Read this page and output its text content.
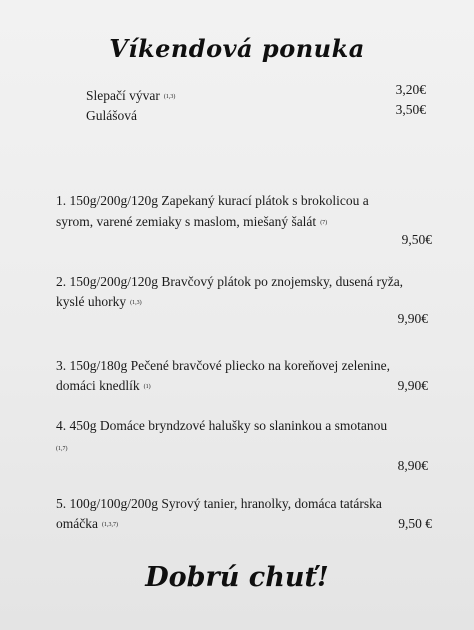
Víkendová ponuka
Slepačí vývar (1,3)	3,20€
Gulášová	3,50€
1. 150g/200g/120g Zapekaný kurací plátok s brokolicou a
syrom, varené zemiaky s maslom, miešaný šalát (7)
9,50€
2. 150g/200g/120g Bravčový plátok po znojemsky, dusená ryža,
kyslé uhorky (1,3)
9,90€
3. 150g/180g Pečené bravčové pliecko na koreňovej zelenine,
domáci knedlík (1)	9,90€
4. 450g Domáce bryndzové halušky so slaninkou a smotanou
(1,7)
8,90€
5. 100g/100g/200g Syrový tanier, hranolky, domáca tatárska
omáčka (1,3,7)	9,50 €
Dobrú chuť!
